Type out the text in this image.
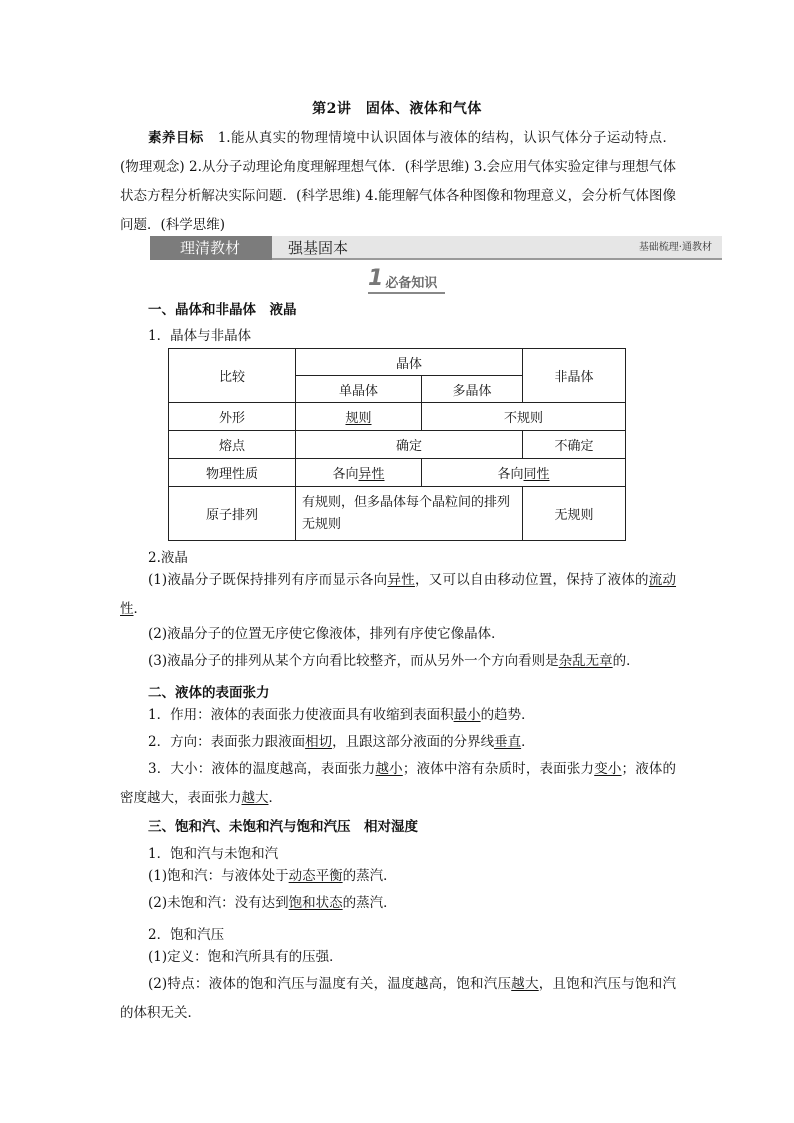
第2讲　固体、液体和气体
素养目标 1.能从真实的物理情境中认识固体与液体的结构，认识气体分子运动特点．(物理观念) 2.从分子动理论角度理解理想气体．(科学思维) 3.会应用气体实验定律与理想气体状态方程分析解决实际问题．(科学思维) 4.能理解气体各种图像和物理意义，会分析气体图像问题．(科学思维)
理清教材	强基固本	基础梳理·通教材
1 必备知识
一、晶体和非晶体　液晶
1．晶体与非晶体
比较	晶体		非晶体
	单晶体	多晶体	
外形	规则	不规则	
熔点	确定		不确定
物理性质	各向异性	各向同性	
原子排列	有规则，但多晶体每个晶粒间的排列无规则		无规则
2.液晶
(1)液晶分子既保持排列有序而显示各向异性，又可以自由移动位置，保持了液体的流动性．
(2)液晶分子的位置无序使它像液体，排列有序使它像晶体．
(3)液晶分子的排列从某个方向看比较整齐，而从另外一个方向看则是杂乱无章的．
二、液体的表面张力
1．作用：液体的表面张力使液面具有收缩到表面积最小的趋势．
2．方向：表面张力跟液面相切，且跟这部分液面的分界线垂直．
3．大小：液体的温度越高，表面张力越小；液体中溶有杂质时，表面张力变小；液体的密度越大，表面张力越大．
三、饱和汽、未饱和汽与饱和汽压　相对湿度
1．饱和汽与未饱和汽
(1)饱和汽：与液体处于动态平衡的蒸汽．
(2)未饱和汽：没有达到饱和状态的蒸汽．
2．饱和汽压
(1)定义：饱和汽所具有的压强．
(2)特点：液体的饱和汽压与温度有关，温度越高，饱和汽压越大，且饱和汽压与饱和汽的体积无关．
